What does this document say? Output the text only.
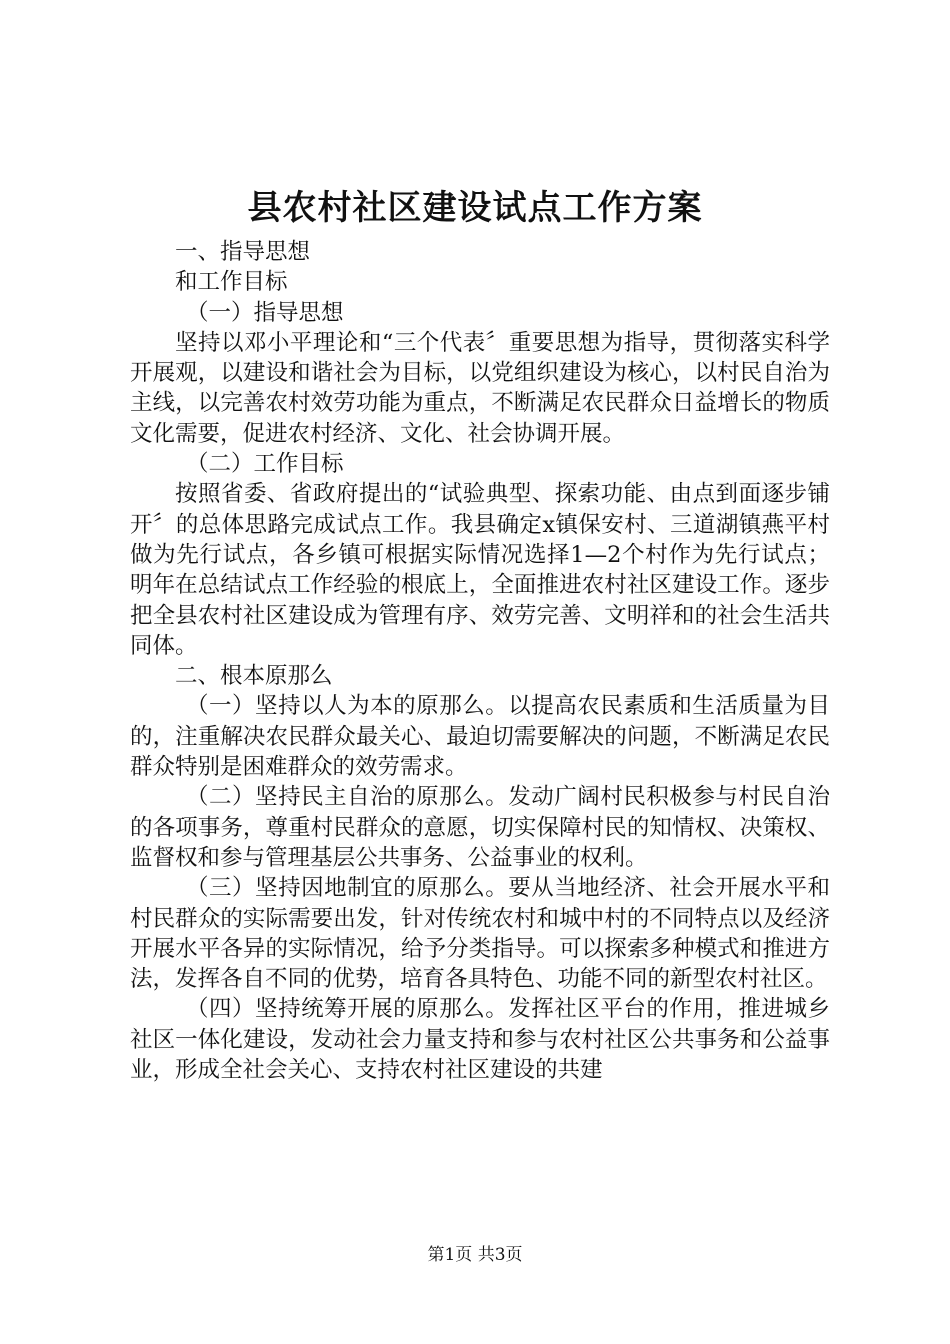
县农村社区建设试点工作方案

一、指导思想

和工作目标

（一）指导思想

坚持以邓小平理论和“三个代表〞重要思想为指导，贯彻落实科学开展观，以建设和谐社会为目标，以党组织建设为核心，以村民自治为主线，以完善农村效劳功能为重点，不断满足农民群众日益增长的物质文化需要，促进农村经济、文化、社会协调开展。

（二）工作目标

按照省委、省政府提出的“试验典型、探索功能、由点到面逐步铺开〞的总体思路完成试点工作。我县确定x镇保安村、三道湖镇燕平村做为先行试点，各乡镇可根据实际情况选择1—2个村作为先行试点；明年在总结试点工作经验的根底上，全面推进农村社区建设工作。逐步把全县农村社区建设成为管理有序、效劳完善、文明祥和的社会生活共同体。

二、根本原那么

（一）坚持以人为本的原那么。以提高农民素质和生活质量为目的，注重解决农民群众最关心、最迫切需要解决的问题，不断满足农民群众特别是困难群众的效劳需求。

（二）坚持民主自治的原那么。发动广阔村民积极参与村民自治的各项事务，尊重村民群众的意愿，切实保障村民的知情权、决策权、监督权和参与管理基层公共事务、公益事业的权利。

（三）坚持因地制宜的原那么。要从当地经济、社会开展水平和村民群众的实际需要出发，针对传统农村和城中村的不同特点以及经济开展水平各异的实际情况，给予分类指导。可以探索多种模式和推进方法，发挥各自不同的优势，培育各具特色、功能不同的新型农村社区。

（四）坚持统筹开展的原那么。发挥社区平台的作用，推进城乡社区一体化建设，发动社会力量支持和参与农村社区公共事务和公益事业，形成全社会关心、支持农村社区建设的共建

第1页 共3页
